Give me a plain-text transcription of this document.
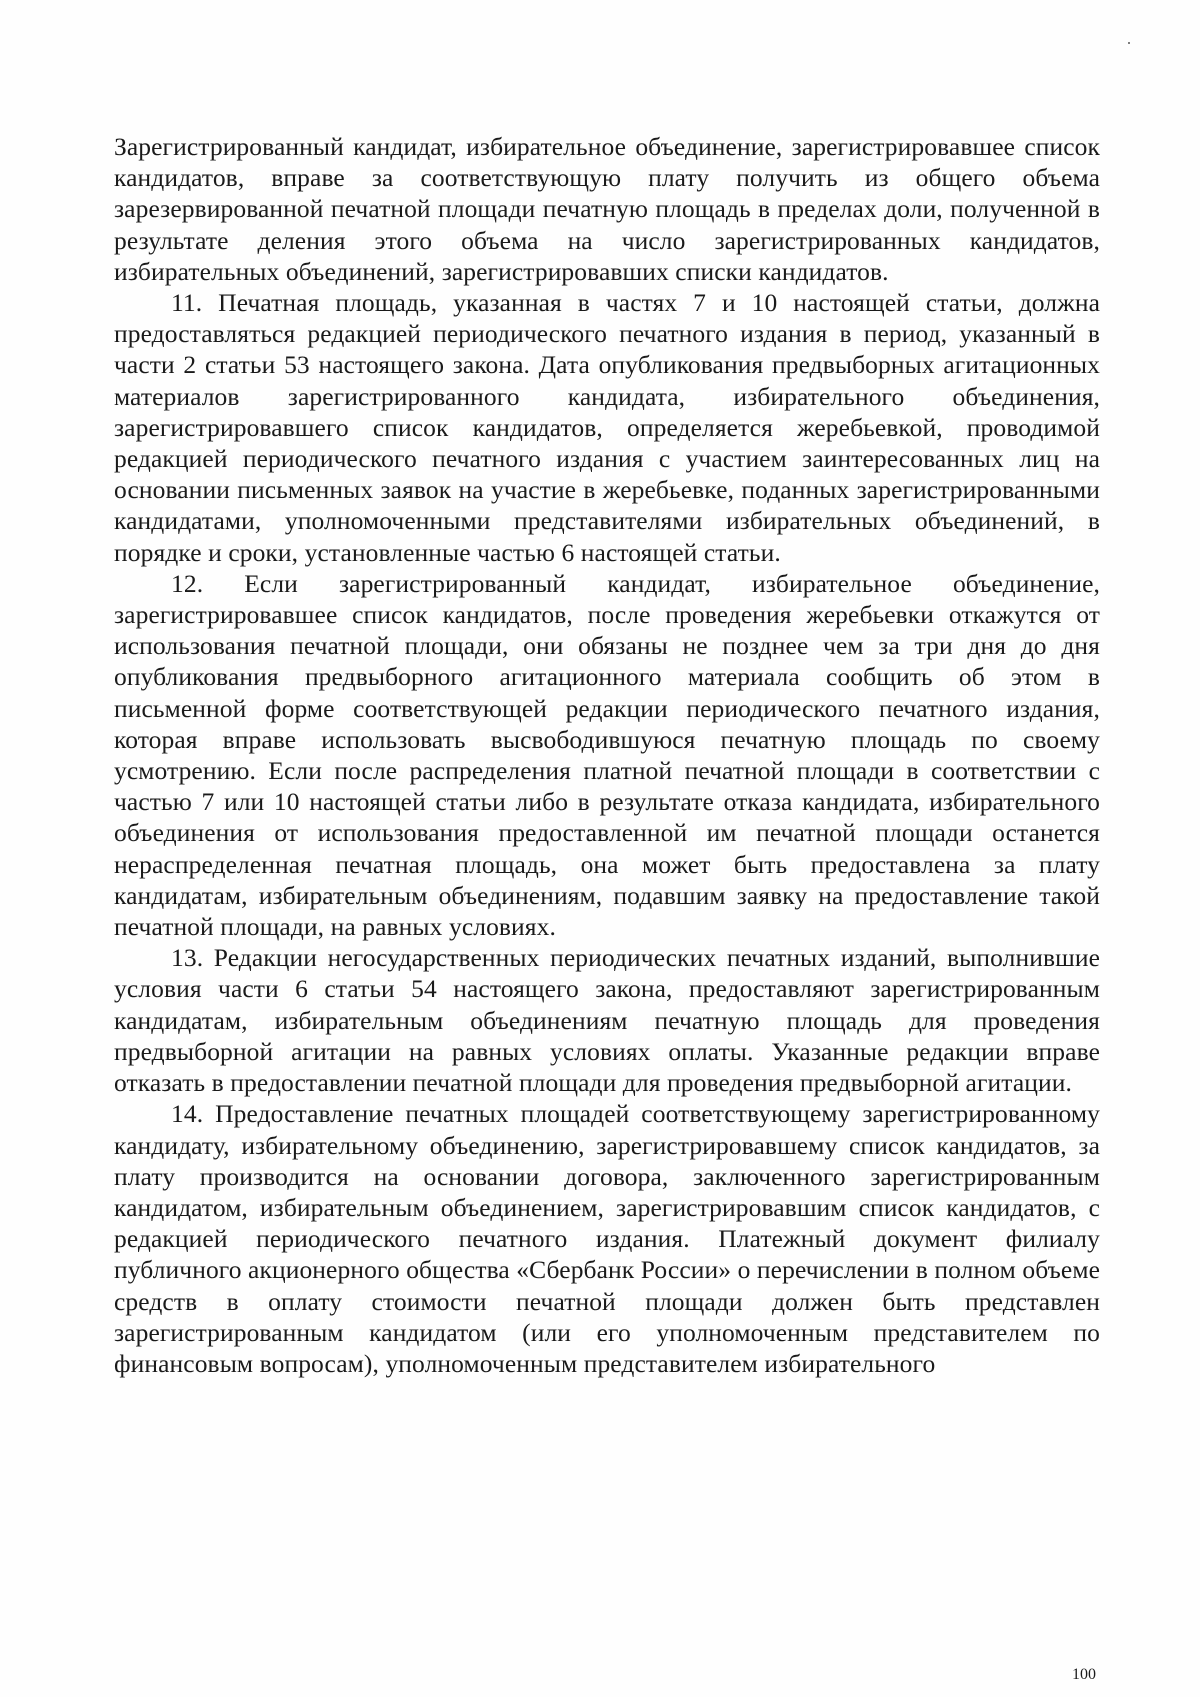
Зарегистрированный кандидат, избирательное объединение, зарегистрировавшее список кандидатов, вправе за соответствующую плату получить из общего объема зарезервированной печатной площади печатную площадь в пределах доли, полученной в результате деления этого объема на число зарегистрированных кандидатов, избирательных объединений, зарегистрировавших списки кандидатов.

11. Печатная площадь, указанная в частях 7 и 10 настоящей статьи, должна предоставляться редакцией периодического печатного издания в период, указанный в части 2 статьи 53 настоящего закона. Дата опубликования предвыборных агитационных материалов зарегистрированного кандидата, избирательного объединения, зарегистрировавшего список кандидатов, определяется жеребьевкой, проводимой редакцией периодического печатного издания с участием заинтересованных лиц на основании письменных заявок на участие в жеребьевке, поданных зарегистрированными кандидатами, уполномоченными представителями избирательных объединений, в порядке и сроки, установленные частью 6 настоящей статьи.

12. Если зарегистрированный кандидат, избирательное объединение, зарегистрировавшее список кандидатов, после проведения жеребьевки откажутся от использования печатной площади, они обязаны не позднее чем за три дня до дня опубликования предвыборного агитационного материала сообщить об этом в письменной форме соответствующей редакции периодического печатного издания, которая вправе использовать высвободившуюся печатную площадь по своему усмотрению. Если после распределения платной печатной площади в соответствии с частью 7 или 10 настоящей статьи либо в результате отказа кандидата, избирательного объединения от использования предоставленной им печатной площади останется нераспределенная печатная площадь, она может быть предоставлена за плату кандидатам, избирательным объединениям, подавшим заявку на предоставление такой печатной площади, на равных условиях.

13. Редакции негосударственных периодических печатных изданий, выполнившие условия части 6 статьи 54 настоящего закона, предоставляют зарегистрированным кандидатам, избирательным объединениям печатную площадь для проведения предвыборной агитации на равных условиях оплаты. Указанные редакции вправе отказать в предоставлении печатной площади для проведения предвыборной агитации.

14. Предоставление печатных площадей соответствующему зарегистрированному кандидату, избирательному объединению, зарегистрировавшему список кандидатов, за плату производится на основании договора, заключенного зарегистрированным кандидатом, избирательным объединением, зарегистрировавшим список кандидатов, с редакцией периодического печатного издания. Платежный документ филиалу публичного акционерного общества «Сбербанк России» о перечислении в полном объеме средств в оплату стоимости печатной площади должен быть представлен зарегистрированным кандидатом (или его уполномоченным представителем по финансовым вопросам), уполномоченным представителем избирательного

100
